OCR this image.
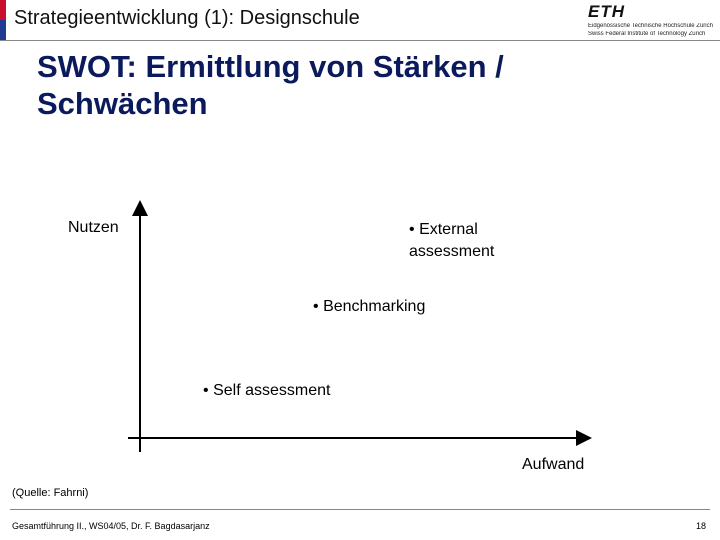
Strategieentwicklung (1): Designschule	ETH
Eidgenössische Technische Hochschule Zürich
Swiss Federal Institute of Technology Zurich
SWOT: Ermittlung von Stärken /
Schwächen
Nutzen
Aufwand
• External
assessment
• Benchmarking
• Self assessment
(Quelle: Fahrni)
Gesamtführung II., WS04/05, Dr. F. Bagdasarjanz	18
